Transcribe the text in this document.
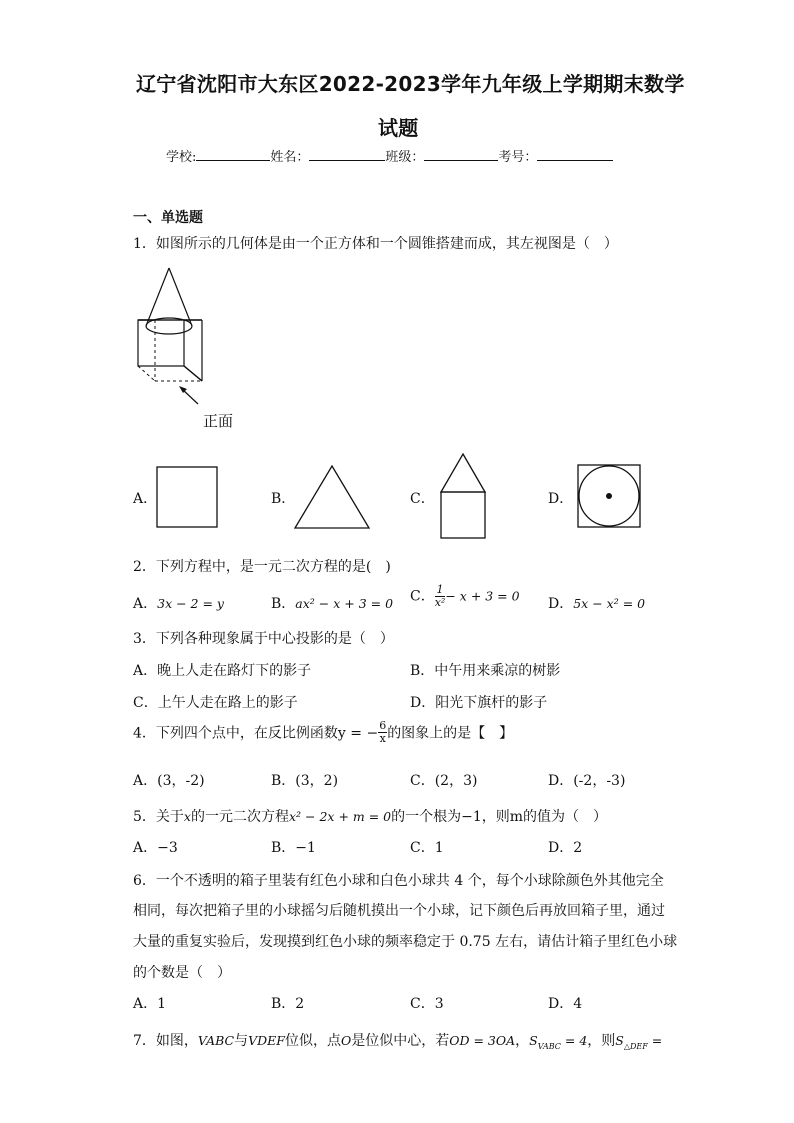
辽宁省沈阳市大东区2022-2023学年九年级上学期期末数学
试题
学校:	姓名：	班级：	考号：
一、单选题
1．如图所示的几何体是由一个正方体和一个圆锥搭建而成，其左视图是（　）
正面
A．	B．	C．	D．
2．下列方程中，是一元二次方程的是(　)
A．3x − 2 = y	B．ax² − x + 3 = 0 C． $\frac{1}{\text{x²}} - x + 3 = 0$ D．5x − x² = 0
3．下列各种现象属于中心投影的是（　）
A．晚上人走在路灯下的影子	B．中午用来乘凉的树影
C．上午人走在路上的影子	D．阳光下旗杆的影子
4．下列四个点中，在反比例函数y = − $\frac{6}{x}$ 的图象上的是【　】
A．(3，-2)	B．(3，2)	C．(2，3)	D．(-2，-3)
5．关于x的一元二次方程x² − 2x + m = 0的一个根为−1，则m的值为（　）
A．−3	B．−1	C．1	D．2
6．一个不透明的箱子里装有红色小球和白色小球共 4 个，每个小球除颜色外其他完全
相同，每次把箱子里的小球摇匀后随机摸出一个小球，记下颜色后再放回箱子里，通过
大量的重复实验后，发现摸到红色小球的频率稳定于 0.75 左右，请估计箱子里红色小球
的个数是（　）
A．1	B．2	C．3	D．4
7．如图，VABC与VDEF位似，点O是位似中心，若OD = 3OA，$S_{VABC} = 4$，则$S_{\triangle DEF}$ =
